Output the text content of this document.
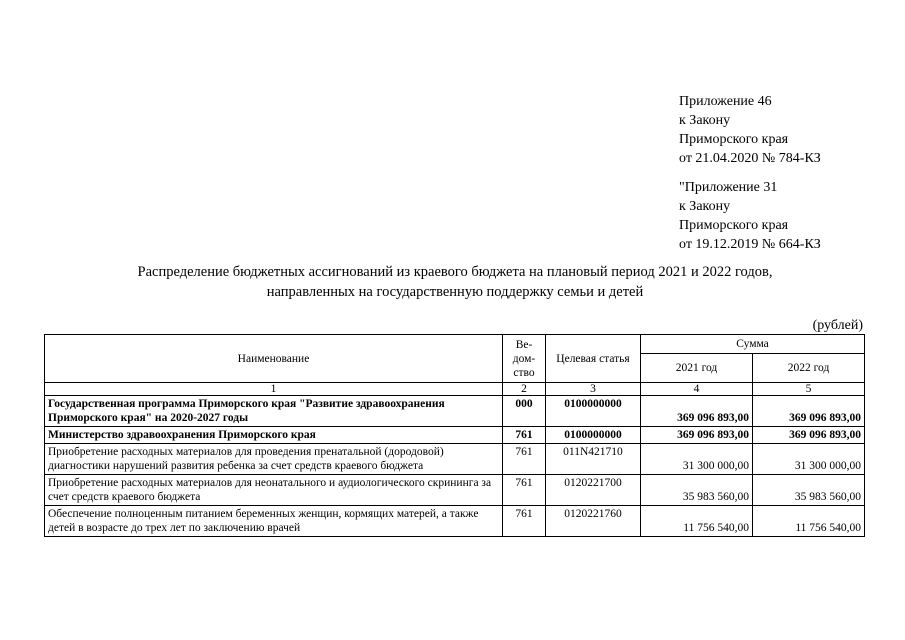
Приложение 46
к Закону
Приморского края
от 21.04.2020 № 784-КЗ
"Приложение 31
к Закону
Приморского края
от 19.12.2019 № 664-КЗ
Распределение бюджетных ассигнований из краевого бюджета на плановый период 2021 и 2022 годов,
направленных на государственную поддержку семьи и детей
(рублей)
Наименование	Ве-
дом-
ство	Целевая статья	Сумма	
			2021 год	2022 год
1	2	3	4	5
Государственная программа Приморского края "Развитие здравоохранения Приморского края" на 2020-2027 годы	000	0100000000	369 096 893,00	369 096 893,00
Министерство здравоохранения Приморского края	761	0100000000	369 096 893,00	369 096 893,00
Приобретение расходных материалов для проведения пренатальной (дородовой) диагностики нарушений развития ребенка за счет средств краевого бюджета	761	011N421710	31 300 000,00	31 300 000,00
Приобретение расходных материалов для неонатального и аудиологического скрининга за счет средств краевого бюджета	761	0120221700	35 983 560,00	35 983 560,00
Обеспечение полноценным питанием беременных женщин, кормящих матерей, а также детей в возрасте до трех лет по заключению врачей	761	0120221760	11 756 540,00	11 756 540,00
